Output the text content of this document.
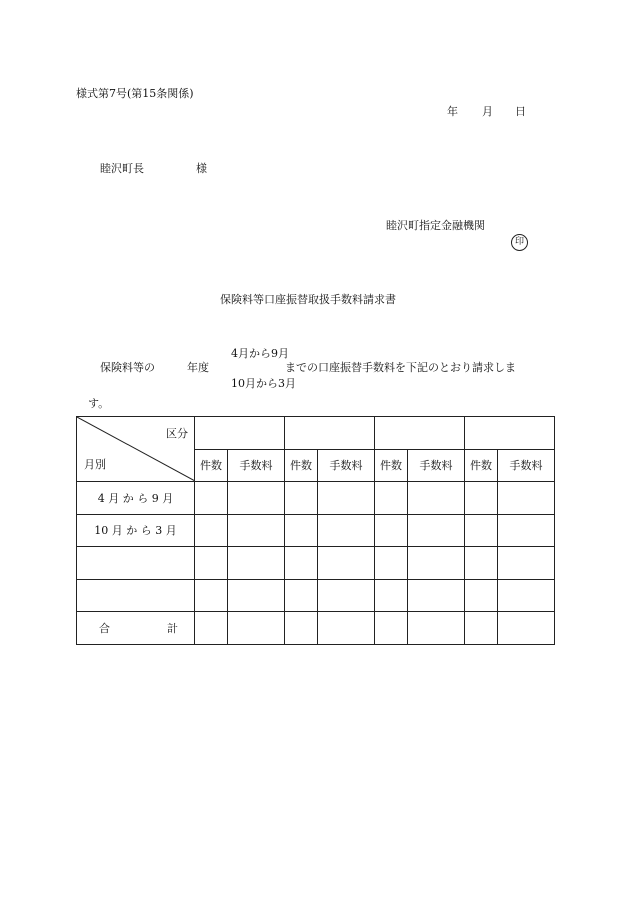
様式第7号(第15条関係)
年 月 日
睦沢町長	様
睦沢町指定金融機関
印
保険料等口座振替取扱手数料請求書
保険料等の	年度
4月から9月
10月から3月
までの口座振替手数料を下記のとおり請求しま
す。
区分
月別								

	件数	手数料	件数	手数料	件数	手数料	件数	手数料
4 月 か ら 9 月								
10 月 か ら 3 月								

合 計								
